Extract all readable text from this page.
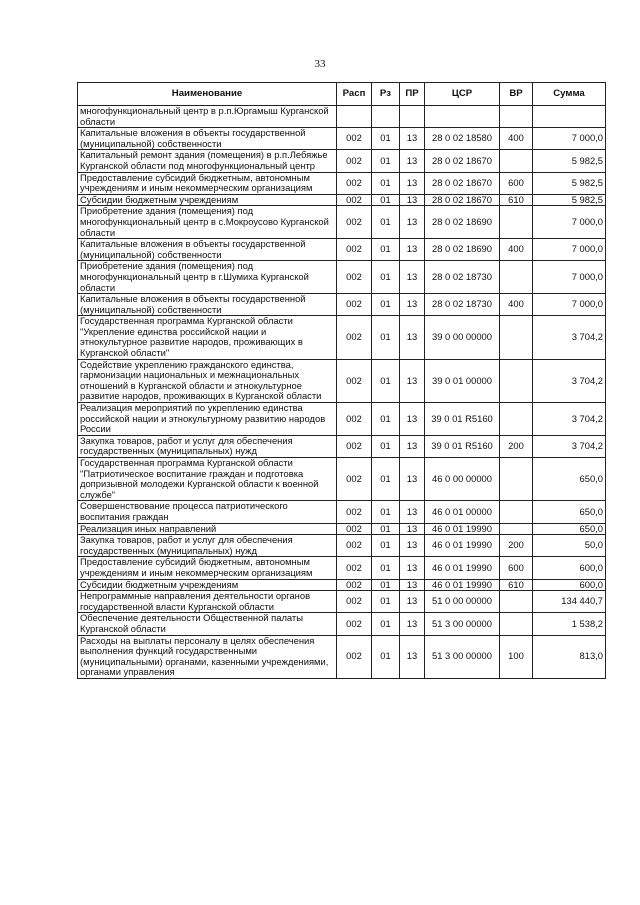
33
Наименование	Расп	Рз	ПР	ЦСР	ВР	Сумма
многофункциональный центр в р.п.Юргамыш Курганской области						
Капитальные вложения в объекты государственной (муниципальной) собственности	002	01	13	28 0 02 18580	400	7 000,0
Капитальный ремонт здания (помещения) в р.п.Лебяжье Курганской области под многофункциональный центр	002	01	13	28 0 02 18670		5 982,5
Предоставление субсидий бюджетным, автономным учреждениям и иным некоммерческим организациям	002	01	13	28 0 02 18670	600	5 982,5
Субсидии бюджетным учреждениям	002	01	13	28 0 02 18670	610	5 982,5
Приобретение здания (помещения) под многофункциональный центр в с.Мокроусово Курганской области	002	01	13	28 0 02 18690		7 000,0
Капитальные вложения в объекты государственной (муниципальной) собственности	002	01	13	28 0 02 18690	400	7 000,0
Приобретение здания (помещения) под многофункциональный центр в г.Шумиха Курганской области	002	01	13	28 0 02 18730		7 000,0
Капитальные вложения в объекты государственной (муниципальной) собственности	002	01	13	28 0 02 18730	400	7 000,0
Государственная программа Курганской области "Укрепление единства российской нации и этнокультурное развитие народов, проживающих в Курганской области"	002	01	13	39 0 00 00000		3 704,2
Содействие укреплению гражданского единства, гармонизации национальных и межнациональных отношений в Курганской области и этнокультурное развитие народов, проживающих в Курганской области	002	01	13	39 0 01 00000		3 704,2
Реализация мероприятий по укреплению единства российской нации и этнокультурному развитию народов России	002	01	13	39 0 01 R5160		3 704,2
Закупка товаров, работ и услуг для обеспечения государственных (муниципальных) нужд	002	01	13	39 0 01 R5160	200	3 704,2
Государственная программа Курганской области "Патриотическое воспитание граждан и подготовка допризывной молодежи Курганской области к военной службе"	002	01	13	46 0 00 00000		650,0
Совершенствование процесса патриотического воспитания граждан	002	01	13	46 0 01 00000		650,0
Реализация иных направлений	002	01	13	46 0 01 19990		650,0
Закупка товаров, работ и услуг для обеспечения государственных (муниципальных) нужд	002	01	13	46 0 01 19990	200	50,0
Предоставление субсидий бюджетным, автономным учреждениям и иным некоммерческим организациям	002	01	13	46 0 01 19990	600	600,0
Субсидии бюджетным учреждениям	002	01	13	46 0 01 19990	610	600,0
Непрограммные направления деятельности органов государственной власти Курганской области	002	01	13	51 0 00 00000		134 440,7
Обеспечение деятельности Общественной палаты Курганской области	002	01	13	51 3 00 00000		1 538,2
Расходы на выплаты персоналу в целях обеспечения выполнения функций государственными (муниципальными) органами, казенными учреждениями, органами управления	002	01	13	51 3 00 00000	100	813,0
